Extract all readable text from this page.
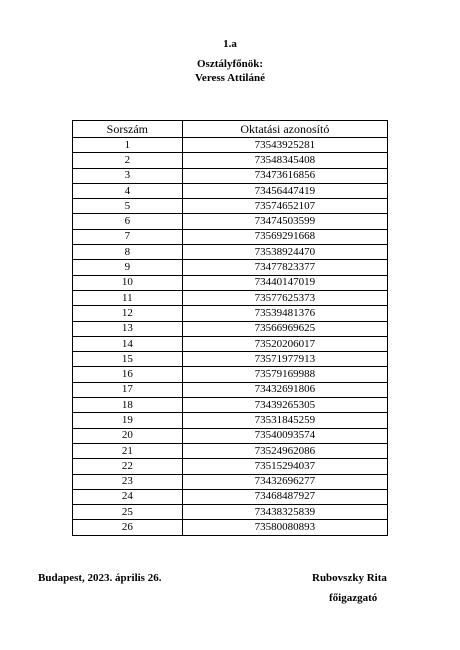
1.a
Osztályfőnök:
Veress Attiláné
Sorszám	Oktatási azonosító
1	73543925281
2	73548345408
3	73473616856
4	73456447419
5	73574652107
6	73474503599
7	73569291668
8	73538924470
9	73477823377
10	73440147019
11	73577625373
12	73539481376
13	73566969625
14	73520206017
15	73571977913
16	73579169988
17	73432691806
18	73439265305
19	73531845259
20	73540093574
21	73524962086
22	73515294037
23	73432696277
24	73468487927
25	73438325839
26	73580080893
Budapest, 2023. április 26.	Rubovszky Rita
főigazgató
